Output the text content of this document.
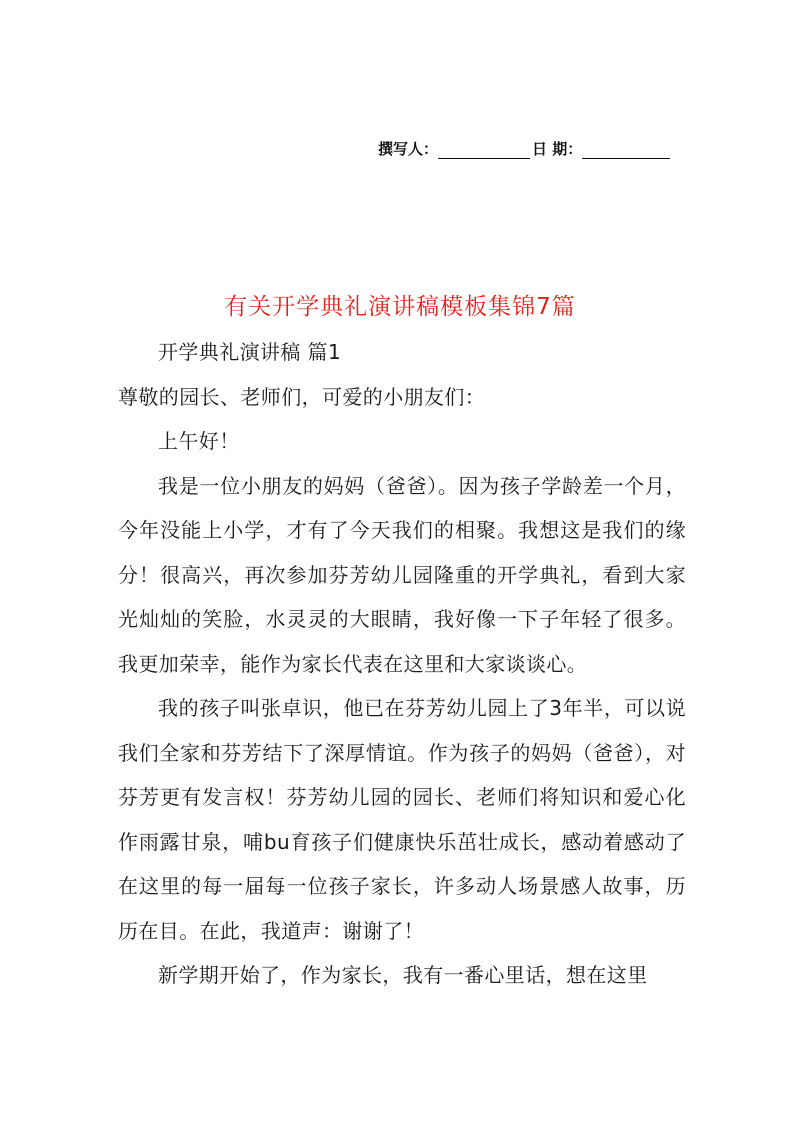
撰写人：	日 期：
有关开学典礼演讲稿模板集锦7篇

开学典礼演讲稿 篇1

尊敬的园长、老师们，可爱的小朋友们：

上午好！

我是一位小朋友的妈妈（爸爸）。因为孩子学龄差一个月，今年没能上小学，才有了今天我们的相聚。我想这是我们的缘分！很高兴，再次参加芬芳幼儿园隆重的开学典礼，看到大家光灿灿的笑脸，水灵灵的大眼睛，我好像一下子年轻了很多。我更加荣幸，能作为家长代表在这里和大家谈谈心。

我的孩子叫张卓识，他已在芬芳幼儿园上了3年半，可以说我们全家和芬芳结下了深厚情谊。作为孩子的妈妈（爸爸），对芬芳更有发言权！芬芳幼儿园的园长、老师们将知识和爱心化作雨露甘泉，哺bu育孩子们健康快乐茁壮成长，感动着感动了在这里的每一届每一位孩子家长，许多动人场景感人故事，历历在目。在此，我道声：谢谢了！

新学期开始了，作为家长，我有一番心里话，想在这里
